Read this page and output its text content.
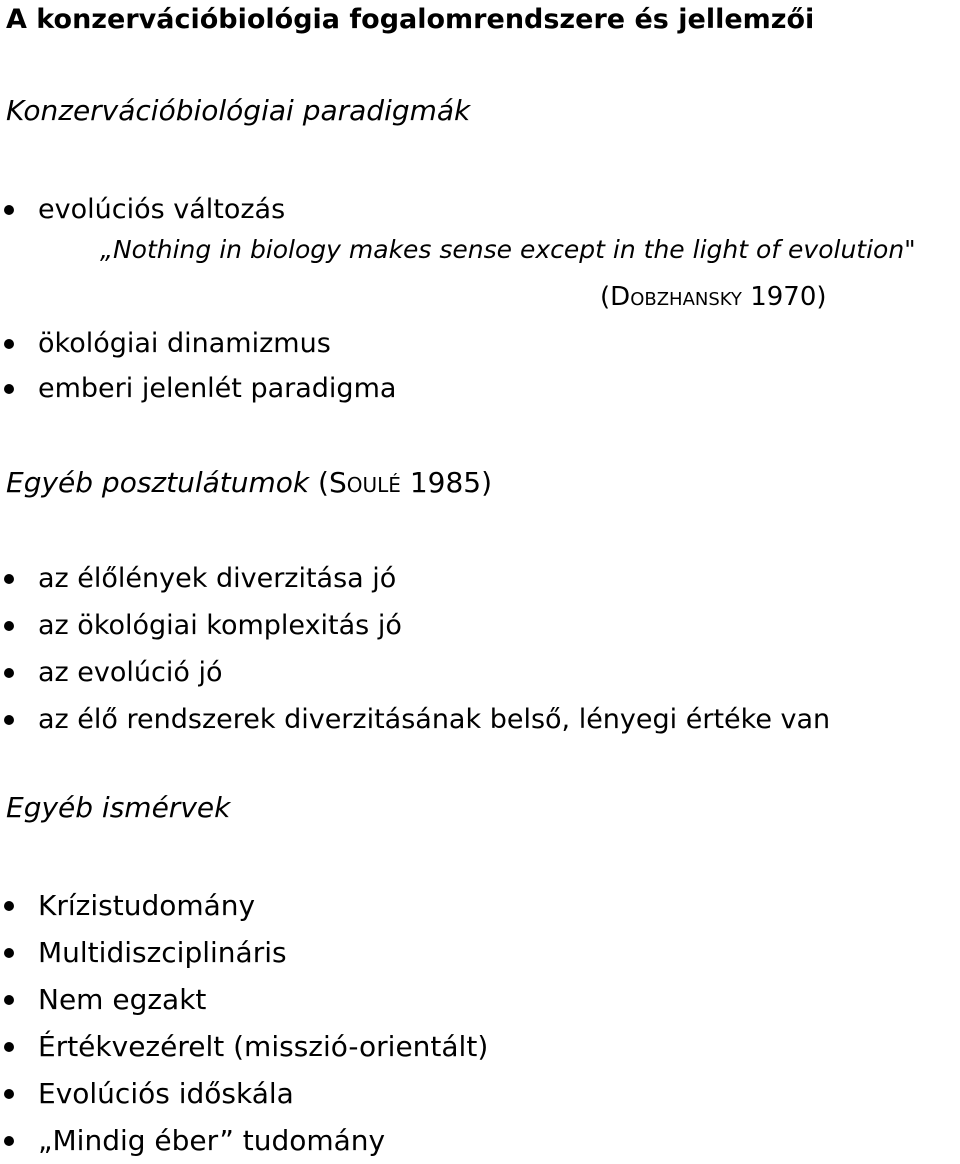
A konzervációbiológia fogalomrendszere és jellemzői
Konzervációbiológiai paradigmák
evolúciós változás
„Nothing in biology makes sense except in the light of evolution"
(Dobzhansky 1970)
ökológiai dinamizmus
emberi jelenlét paradigma
Egyéb posztulátumok (Soulé 1985)
az élőlények diverzitása jó
az ökológiai komplexitás jó
az evolúció jó
az élő rendszerek diverzitásának belső, lényegi értéke van
Egyéb ismérvek
Krízistudomány
Multidiszciplináris
Nem egzakt
Értékvezérelt (misszió-orientált)
Evolúciós időskála
„Mindig éber” tudomány
